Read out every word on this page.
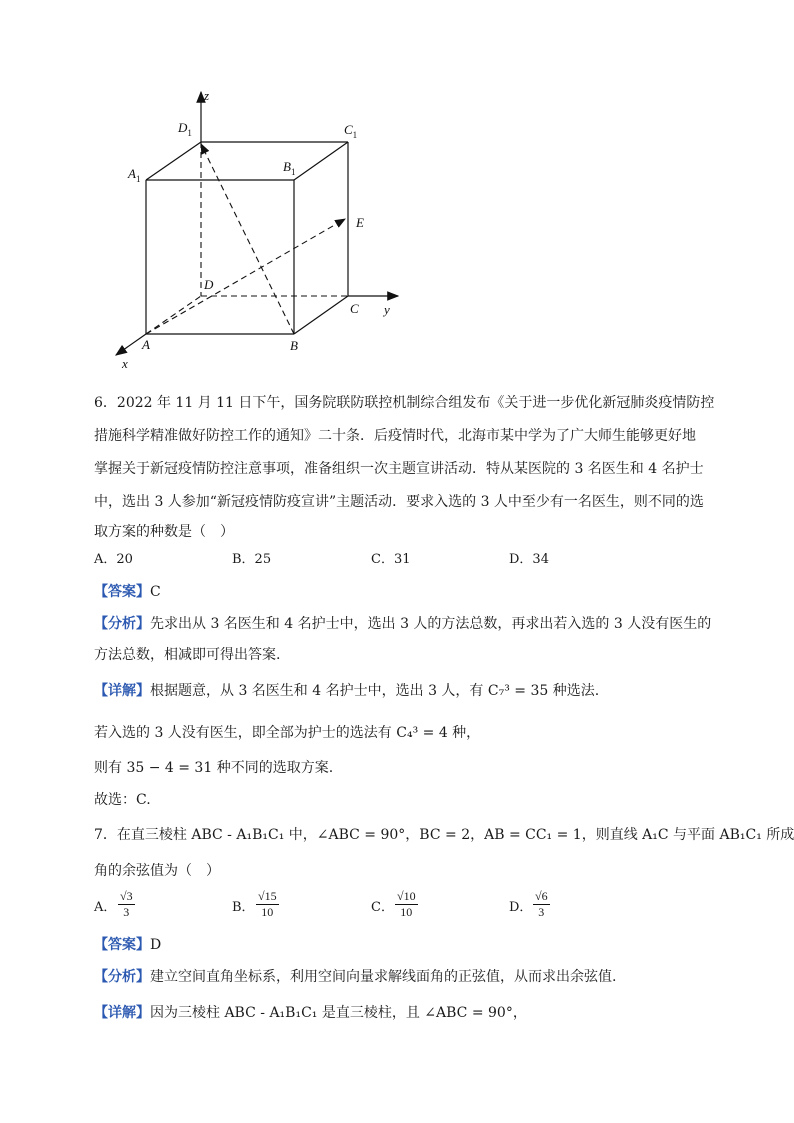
z
y
x
$D_1$	$C_1$
$A_1$
$B_1$
E
D
C
A	B
6．2022 年 11 月 11 日下午，国务院联防联控机制综合组发布《关于进一步优化新冠肺炎疫情防控
措施科学精准做好防控工作的通知》二十条．后疫情时代，北海市某中学为了广大师生能够更好地
掌握关于新冠疫情防控注意事项，准备组织一次主题宣讲活动．特从某医院的 3 名医生和 4 名护士
中，选出 3 人参加“新冠疫情防疫宣讲”主题活动．要求入选的 3 人中至少有一名医生，则不同的选
取方案的种数是（　）
A．20	B．25	C．31	D．34
【答案】C
【分析】先求出从 3 名医生和 4 名护士中，选出 3 人的方法总数，再求出若入选的 3 人没有医生的
方法总数，相减即可得出答案.
【详解】根据题意，从 3 名医生和 4 名护士中，选出 3 人，有 C₇³ = 35 种选法.
若入选的 3 人没有医生，即全部为护士的选法有 C₄³ = 4 种，
则有 35 − 4 = 31 种不同的选取方案.
故选：C.
7．在直三棱柱 ABC - A₁B₁C₁ 中，∠ABC = 90°，BC = 2，AB = CC₁ = 1，则直线 A₁C 与平面 AB₁C₁ 所成
角的余弦值为（　）
A． $\frac{√3}{3}$	B． $\frac{√15}{10}$	C． $\frac{√10}{10}$	D． $\frac{√6}{3}$
【答案】D
【分析】建立空间直角坐标系，利用空间向量求解线面角的正弦值，从而求出余弦值.
【详解】因为三棱柱 ABC - A₁B₁C₁ 是直三棱柱，且 ∠ABC = 90°，
